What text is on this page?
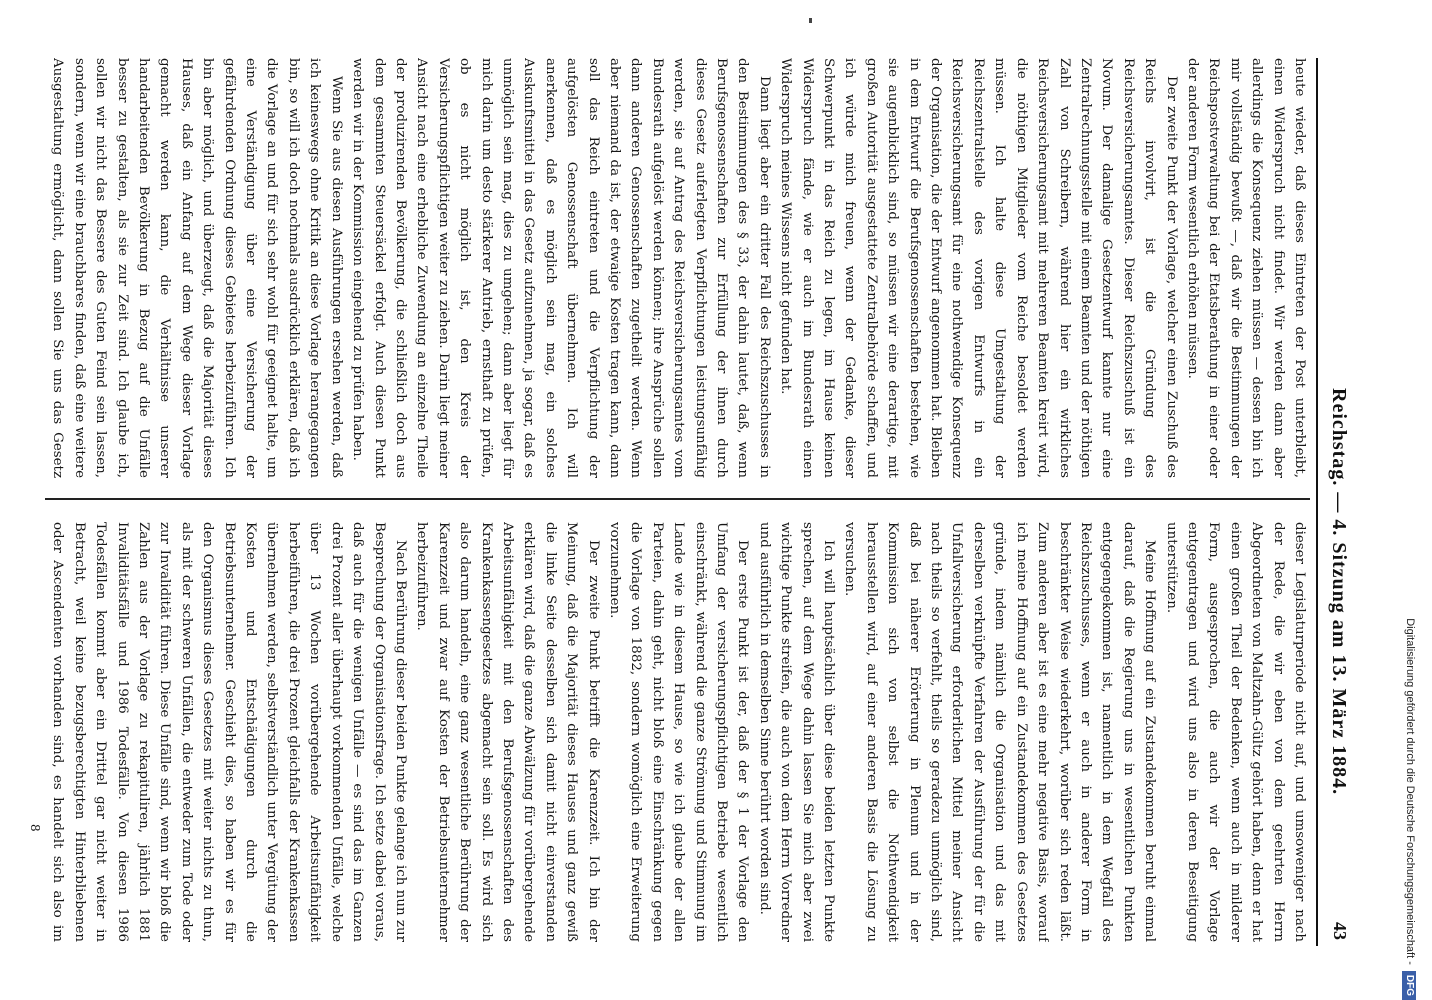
Reichstag. — 4. Sitzung am 13. März 1884.
43

heute wieder, daß dieses Eintreten der Post unterbleibt, einen Widerspruch nicht findet. Wir werden dann aber allerdings die Konsequenz ziehen müssen — dessen bin ich mir vollständig bewußt —, daß wir die Bestimmungen der Reichspostverwaltung bei der Etatsberathung in einer oder der anderen Form wesentlich erhöhen müssen.

Der zweite Punkt der Vorlage, welcher einen Zuschuß des Reichs involvirt, ist die Gründung des Reichsversicherungsamtes. Dieser Reichszuschuß ist ein Novum. Der damalige Gesetzentwurf kannte nur eine Zentralrechnungsstelle mit einem Beamten und der nöthigen Zahl von Schreibern, während hier ein wirkliches Reichsversicherungsamt mit mehreren Beamten kreirt wird, die nöthigen Mitglieder vom Reiche besoldet werden müssen. Ich halte diese Umgestaltung der Reichszentralstelle des vorigen Entwurfs in ein Reichsversicherungsamt für eine nothwendige Konsequenz der Organisation, die der Entwurf angenommen hat. Bleiben in dem Entwurf die Berufsgenossenschaften bestehen, wie sie augenblicklich sind, so müssen wir eine derartige, mit großen Autorität ausgestattete Zentralbehörde schaffen, und ich würde mich freuen, wenn der Gedanke, dieser Schwerpunkt in das Reich zu legen, im Hause keinen Widerspruch fände, wie er auch im Bundesrath einen Widerspruch meines Wissens nicht gefunden hat.

Dann liegt aber ein dritter Fall des Reichszuschusses in den Bestimmungen des § 33, der dahin lautet, daß, wenn Berufsgenossenschaften zur Erfüllung der ihnen durch dieses Gesetz auferlegten Verpflichtungen leistungsunfähig werden, sie auf Antrag des Reichsversicherungsamtes vom Bundesrath aufgelöst werden können; ihre Ansprüche sollen dann anderen Genossenschaften zugetheilt werden. Wenn aber niemand da ist, der etwaige Kosten tragen kann, dann soll das Reich eintreten und die Verpflichtung der aufgelösten Genossenschaft übernehmen. Ich will anerkennen, daß es möglich sein mag, ein solches Auskunftsmittel in das Gesetz aufzunehmen, ja sogar, daß es unmöglich sein mag, dies zu umgehen; dann aber liegt für mich darin um desto stärkerer Antrieb, ernsthaft zu prüfen, ob es nicht möglich ist, den Kreis der Versicherungspflichtigen weiter zu ziehen. Darin liegt meiner Ansicht nach eine erhebliche Zuwendung an einzelne Theile der produzirenden Bevölkerung, die schließlich doch aus dem gesammten Steuersäckel erfolgt. Auch diesen Punkt werden wir in der Kommission eingehend zu prüfen haben.

Wenn Sie aus diesen Ausführungen ersehen werden, daß ich keineswegs ohne Kritik an diese Vorlage herangegangen bin, so will ich doch nochmals ausdrücklich erklären, daß ich die Vorlage an und für sich sehr wohl für geeignet halte, um eine Verständigung über eine Versicherung der gefährdenden Ordnung dieses Gebietes herbeizuführen. Ich bin aber möglich, und überzeugt, daß die Majorität dieses Hauses, daß ein Anfang auf dem Wege dieser Vorlage gemacht werden kann, die Verhältnisse unserer handarbeitenden Bevölkerung in Bezug auf die Unfälle besser zu gestalten, als sie zur Zeit sind. Ich glaube ich, sollen wir nicht das Bessere des Guten Feind sein lassen, sondern, wenn wir eine brauchbares finden, daß eine weitere Ausgestaltung ermöglicht, dann sollen Sie uns das Gesetz

dieser Legislaturperiode nicht auf, und umsoweniger nach der Rede, die wir eben von dem geehrten Herrn Abgeordneten von Maltzahn-Gültz gehört haben, denn er hat einen großen Theil der Bedenken, wenn auch in milderer Form, ausgesprochen, die auch wir der Vorlage entgegentragen und wird uns also in deren Beseitigung unterstützen.

Meine Hoffnung auf ein Zustandekommen beruht einmal darauf, daß die Regierung uns in wesentlichen Punkten entgegengekommen ist, namentlich in dem Wegfall des Reichszuschusses, wenn er auch in anderer Form in beschränkter Weise wiederkehrt, worüber sich reden läßt. Zum anderen aber ist es eine mehr negative Basis, worauf ich meine Hoffnung auf ein Zustandekommen des Gesetzes gründe, indem nämlich die Organisation und das mit derselben verknüpfte Verfahren der Ausführung der für die Unfallversicherung erforderlichen Mittel meiner Ansicht nach theils so verfehlt, theils so geradezu unmöglich sind, daß bei näherer Erörterung in Plenum und in der Kommission sich von selbst die Nothwendigkeit herausstellen wird, auf einer anderen Basis die Lösung zu versuchen.

Ich will hauptsächlich über diese beiden letzten Punkte sprechen, auf dem Wege dahin lassen Sie mich aber zwei wichtige Punkte streifen, die auch von dem Herrn Vorredner und ausführlich in demselben Sinne berührt worden sind.

Der erste Punkt ist der, daß der § 1 der Vorlage den Umfang der versicherungspflichtigen Betriebe wesentlich einschränkt, während die ganze Strömung und Stimmung im Lande wie in diesem Hause, so wie ich glaube der allen Parteien, dahin geht, nicht bloß eine Einschränkung gegen die Vorlage von 1882, sondern womöglich eine Erweiterung vorzunehmen.

Der zweite Punkt betrifft die Karenzzeit. Ich bin der Meinung, daß die Majorität dieses Hauses und ganz gewiß die linke Seite desselben sich damit nicht einverstanden erklären wird, daß die ganze Abwälzung für vorübergehende Arbeitsunfähigkeit mit den Berufsgenossenschaften des Krankenkassengesetzes abgemacht sein soll. Es wird sich also darum handeln, eine ganz wesentliche Berührung der Karenzzeit und zwar auf Kosten der Betriebsunternehmer herbeizuführen.

Nach Berührung dieser beiden Punkte gelange ich nun zur Besprechung der Organisationsfrage. Ich setze dabei voraus, daß auch für die wenigen Unfälle — es sind das im Ganzen drei Prozent aller überhaupt vorkommenden Unfälle, welche über 13 Wochen vorübergehende Arbeitsunfähigkeit herbeiführen, die drei Prozent gleichfalls der Krankenkassen übernehmen werden, selbstverständlich unter Vergütung der Kosten und Entschädigungen durch die Betriebsunternehmer. Geschieht dies, so haben wir es für den Organismus dieses Gesetzes mit weiter nichts zu thun, als mit der schweren Unfällen, die entweder zum Tode oder zur Invalidität führen. Diese Unfälle sind, wenn wir bloß die Zahlen aus der Vorlage zu rekapituliren, jährlich 1881 Invaliditätsfälle und 1986 Todesfälle. Von diesen 1986 Todesfällen kommt aber ein Drittel gar nicht weiter in Betracht, weil keine bezugsberechtigten Hinterbliebenen oder Ascendenten vorhanden sind, es handelt sich also im

8	Digitalisierung gefördert durch die Deutsche Forschungsgemeinschaft -DFG
